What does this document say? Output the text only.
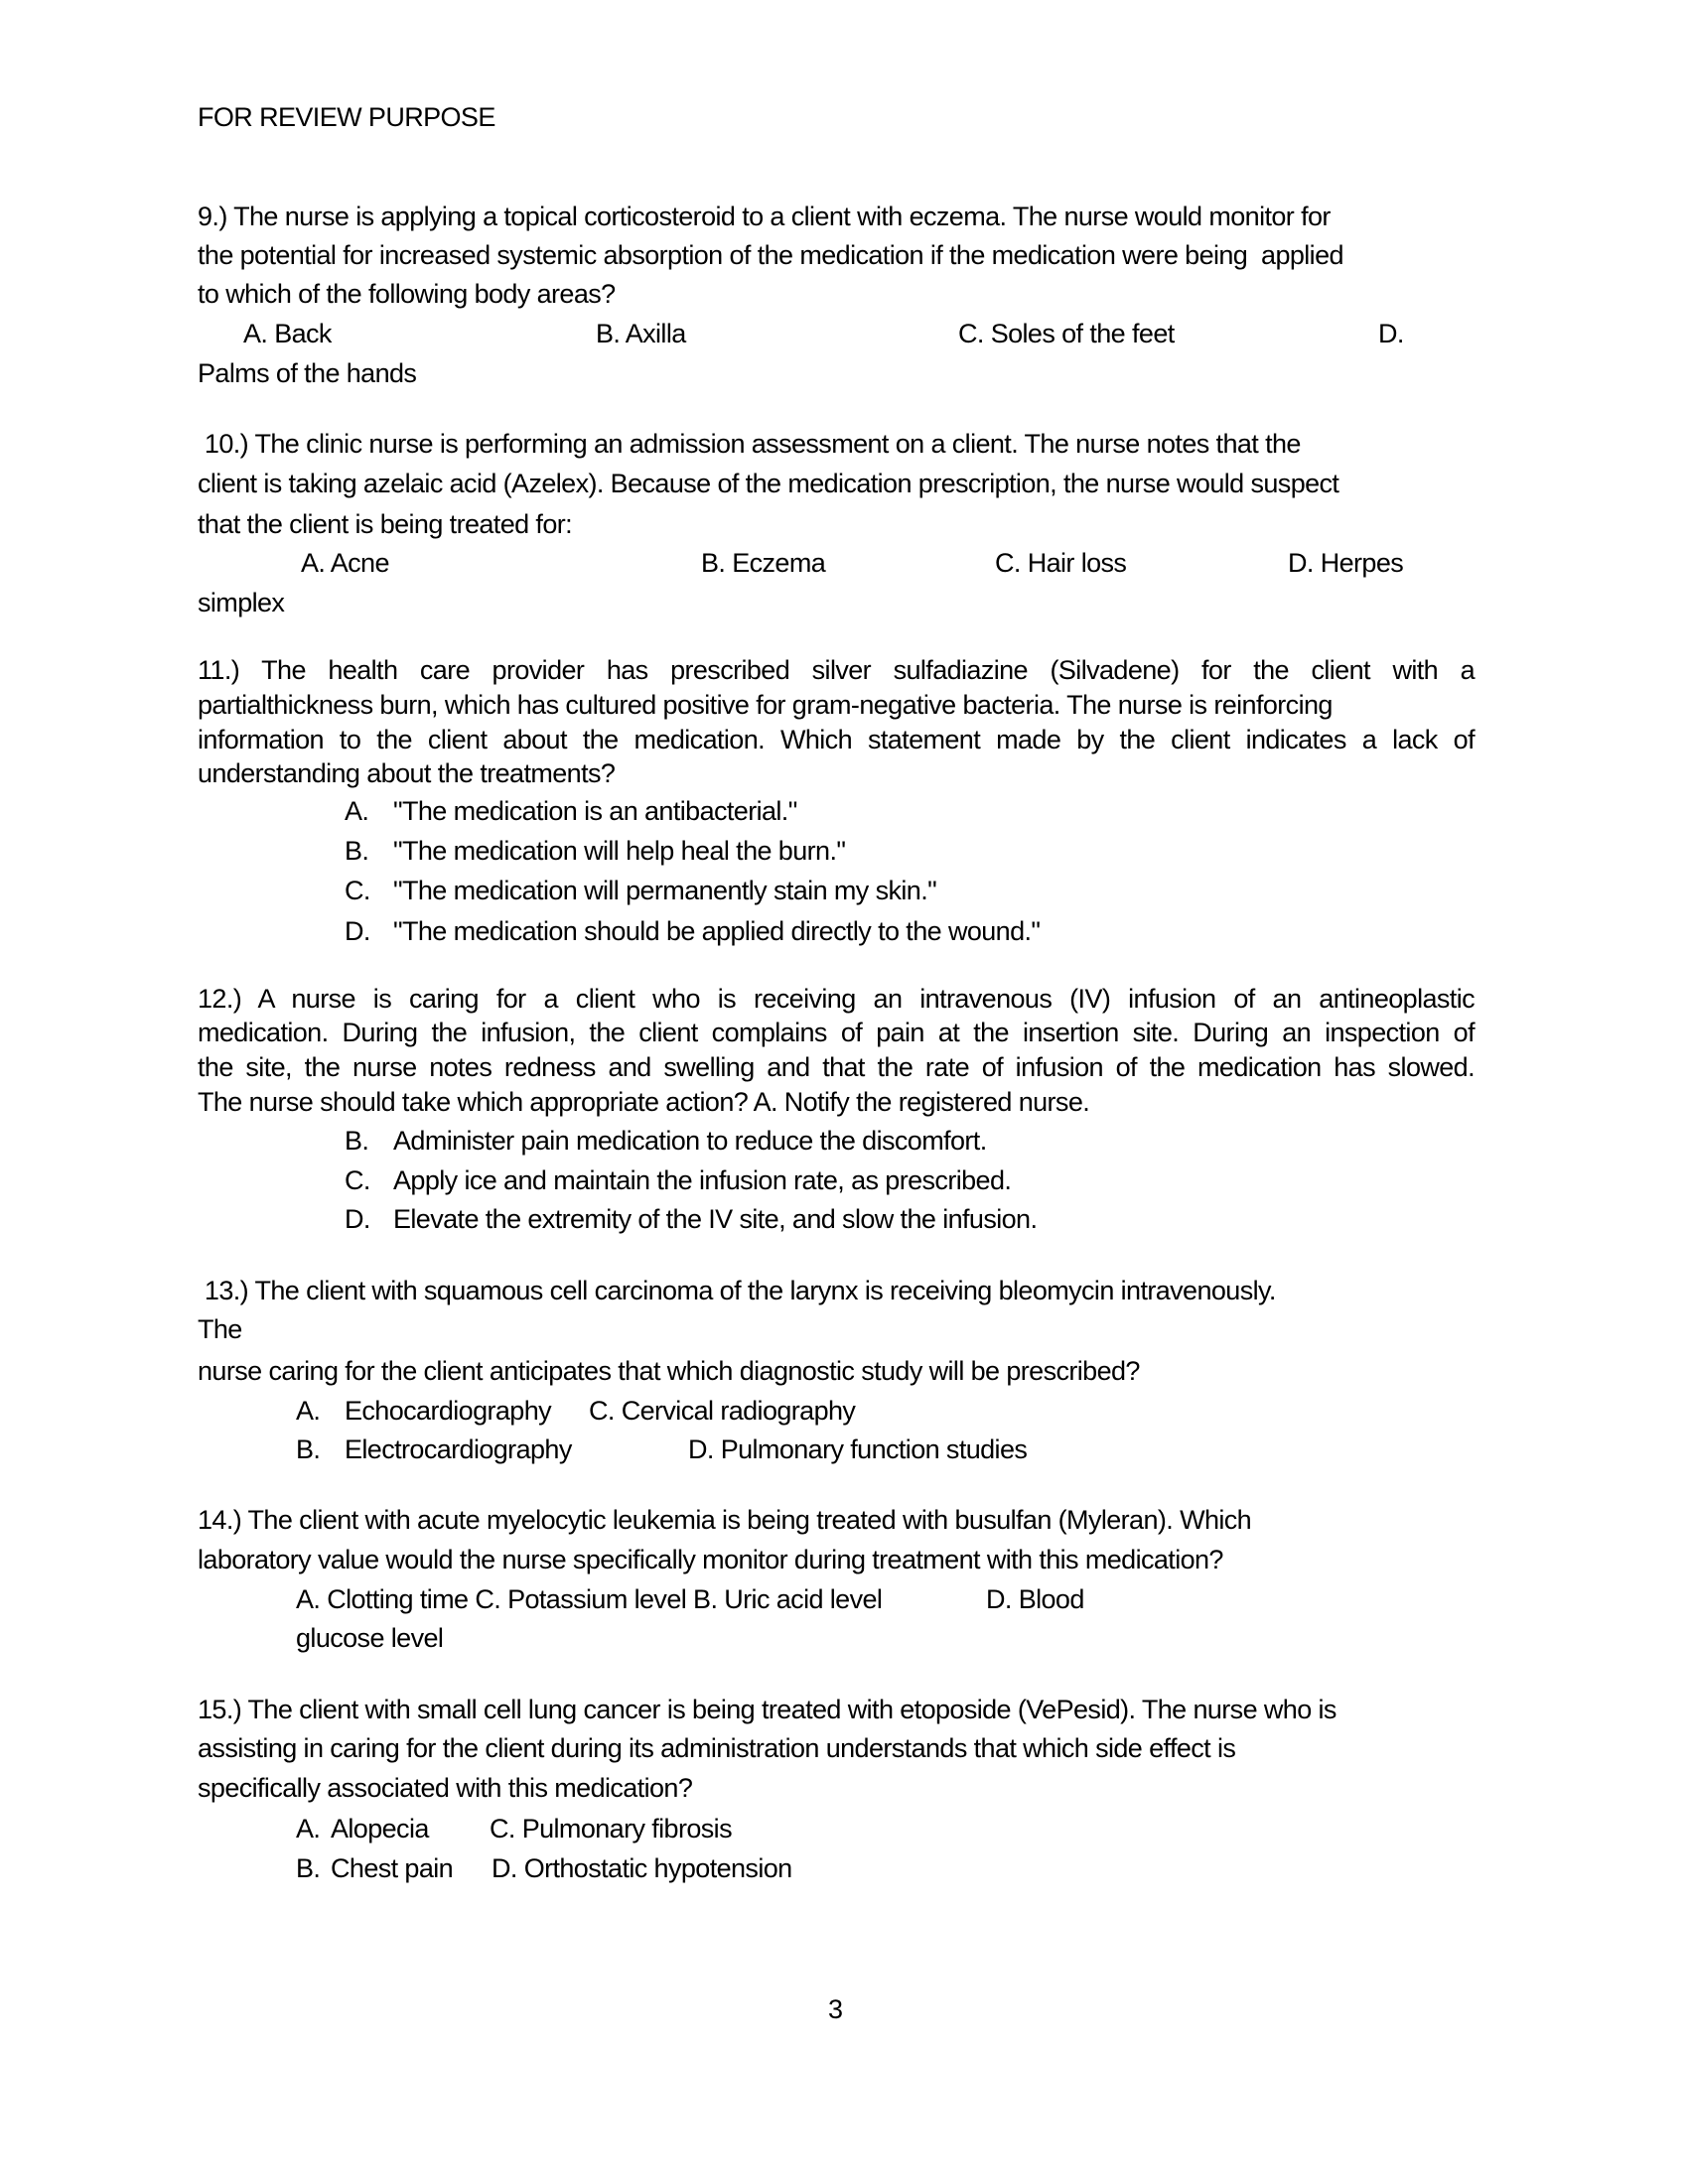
FOR REVIEW PURPOSE
9.) The nurse is applying a topical corticosteroid to a client with eczema. The nurse would monitor for
the potential for increased systemic absorption of the medication if the medication were being  applied
to which of the following body areas?
A. Back	B. Axilla	C. Soles of the feet	D.
Palms of the hands
10.) The clinic nurse is performing an admission assessment on a client. The nurse notes that the
client is taking azelaic acid (Azelex). Because of the medication prescription, the nurse would suspect
that the client is being treated for:
A. Acne	B. Eczema	C. Hair loss	D. Herpes
simplex
11.) The health care provider has prescribed silver sulfadiazine (Silvadene) for the client with a
partialthickness burn, which has cultured positive for gram-negative bacteria. The nurse is reinforcing
information to the client about the medication. Which statement made by the client indicates a lack of
understanding about the treatments?
A. "The medication is an antibacterial."
B. "The medication will help heal the burn."
C. "The medication will permanently stain my skin."
D. "The medication should be applied directly to the wound."
12.) A nurse is caring for a client who is receiving an intravenous (IV) infusion of an antineoplastic
medication. During the infusion, the client complains of pain at the insertion site. During an inspection of
the site, the nurse notes redness and swelling and that the rate of infusion of the medication has slowed.
The nurse should take which appropriate action? A. Notify the registered nurse.
B. Administer pain medication to reduce the discomfort.
C. Apply ice and maintain the infusion rate, as prescribed.
D. Elevate the extremity of the IV site, and slow the infusion.
13.) The client with squamous cell carcinoma of the larynx is receiving bleomycin intravenously.
The
nurse caring for the client anticipates that which diagnostic study will be prescribed?
A. Echocardiography C. Cervical radiography
B. Electrocardiography	D. Pulmonary function studies
14.) The client with acute myelocytic leukemia is being treated with busulfan (Myleran). Which
laboratory value would the nurse specifically monitor during treatment with this medication?
A. Clotting time C. Potassium level B. Uric acid level	D. Blood
glucose level
15.) The client with small cell lung cancer is being treated with etoposide (VePesid). The nurse who is
assisting in caring for the client during its administration understands that which side effect is
specifically associated with this medication?
A. Alopecia C. Pulmonary fibrosis
B. Chest pain D. Orthostatic hypotension
3
